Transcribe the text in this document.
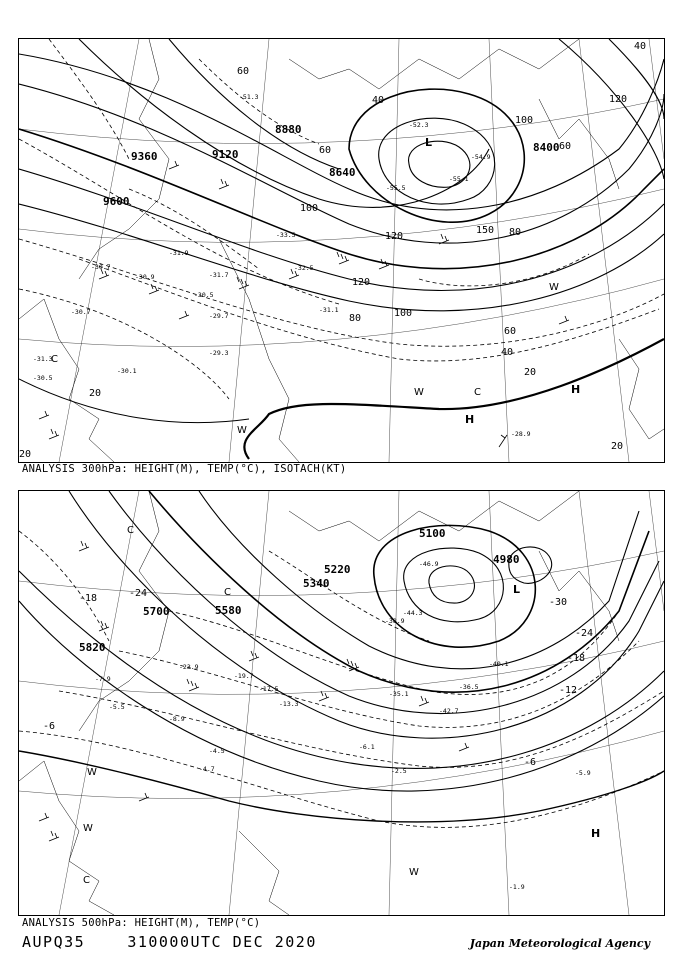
9600
9360	9120
8880
8640
8400
20
40
60
80	100
120
150
120
100
80
60
40
20
40
60
20
20
120
100
60
L
H
H
W
W
W
C
C
-30.7
-31.9
-30.9
-30.5
-29.7
-31.7
-32.5
-33.5
-31.1
-30.5
-29.3
-30.1
-30.7
-31.3
-54.9
-55.5
-55.1
-28.9
-51.3
-52.3
ANALYSIS 300hPa: HEIGHT(M), TEMP(°C), ISOTACH(KT)
5820
5700	5580
5340
5220
5100
4980
-6
-12
-18
-24
-30
-6
-24
-18
L
H
W
W
W
C
C
C
-23.9
-19.7
-17.5
-13.3
-8.9
-4.5
-5.5
-7.9
-36.5
-35.1
-38.9
-40.1
-42.7
-46.9
-44.3
-1.9
-5.9
-2.5
-4.7
-6.1
ANALYSIS 500hPa: HEIGHT(M), TEMP(°C)
AUPQ35	310000UTC DEC 2020	Japan Meteorological Agency
